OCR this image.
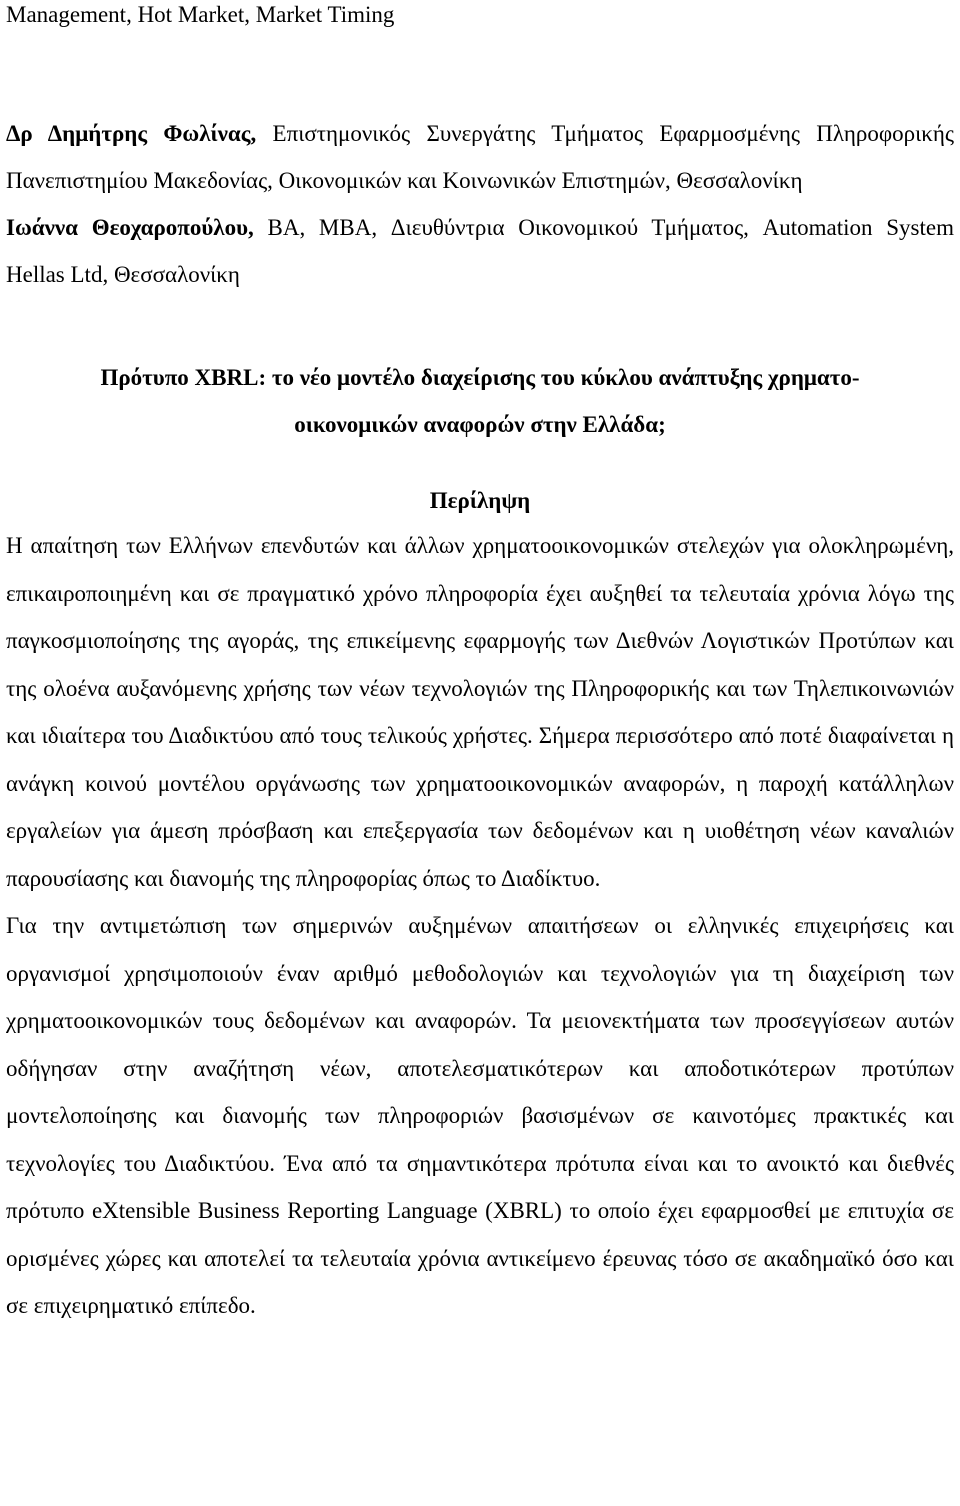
Management, Hot Market, Market Timing

Δρ Δημήτρης Φωλίνας, Επιστημονικός Συνεργάτης Τμήματος Εφαρμοσμένης Πληροφορικής Πανεπιστημίου Μακεδονίας, Οικονομικών και Κοινωνικών Επιστημών, Θεσσαλονίκη

Ιωάννα Θεοχαροπούλου, BA, MBA, Διευθύντρια Οικονομικού Τμήματος, Automation System Hellas Ltd, Θεσσαλονίκη

Πρότυπο XBRL: το νέο μοντέλο διαχείρισης του κύκλου ανάπτυξης χρηματο-

οικονομικών αναφορών στην Ελλάδα;

Περίληψη

Η απαίτηση των Ελλήνων επενδυτών και άλλων χρηματοοικονομικών στελεχών για ολοκληρωμένη, επικαιροποιημένη και σε πραγματικό χρόνο πληροφορία έχει αυξηθεί τα τελευταία χρόνια λόγω της παγκοσμιοποίησης της αγοράς, της επικείμενης εφαρμογής των Διεθνών Λογιστικών Προτύπων και της ολοένα αυξανόμενης χρήσης των νέων τεχνολογιών της Πληροφορικής και των Τηλεπικοινωνιών και ιδιαίτερα του Διαδικτύου από τους τελικούς χρήστες. Σήμερα περισσότερο από ποτέ διαφαίνεται η ανάγκη κοινού μοντέλου οργάνωσης των χρηματοοικονομικών αναφορών, η παροχή κατάλληλων εργαλείων για άμεση πρόσβαση και επεξεργασία των δεδομένων και η υιοθέτηση νέων καναλιών παρουσίασης και διανομής της πληροφορίας όπως το Διαδίκτυο.

Για την αντιμετώπιση των σημερινών αυξημένων απαιτήσεων οι ελληνικές επιχειρήσεις και οργανισμοί χρησιμοποιούν έναν αριθμό μεθοδολογιών και τεχνολογιών για τη διαχείριση των χρηματοοικονομικών τους δεδομένων και αναφορών. Τα μειονεκτήματα των προσεγγίσεων αυτών οδήγησαν στην αναζήτηση νέων, αποτελεσματικότερων και αποδοτικότερων προτύπων μοντελοποίησης και διανομής των πληροφοριών βασισμένων σε καινοτόμες πρακτικές και τεχνολογίες του Διαδικτύου. Ένα από τα σημαντικότερα πρότυπα είναι και το ανοικτό και διεθνές πρότυπο eXtensible Business Reporting Language (XBRL) το οποίο έχει εφαρμοσθεί με επιτυχία σε ορισμένες χώρες και αποτελεί τα τελευταία χρόνια αντικείμενο έρευνας τόσο σε ακαδημαϊκό όσο και σε επιχειρηματικό επίπεδο.
